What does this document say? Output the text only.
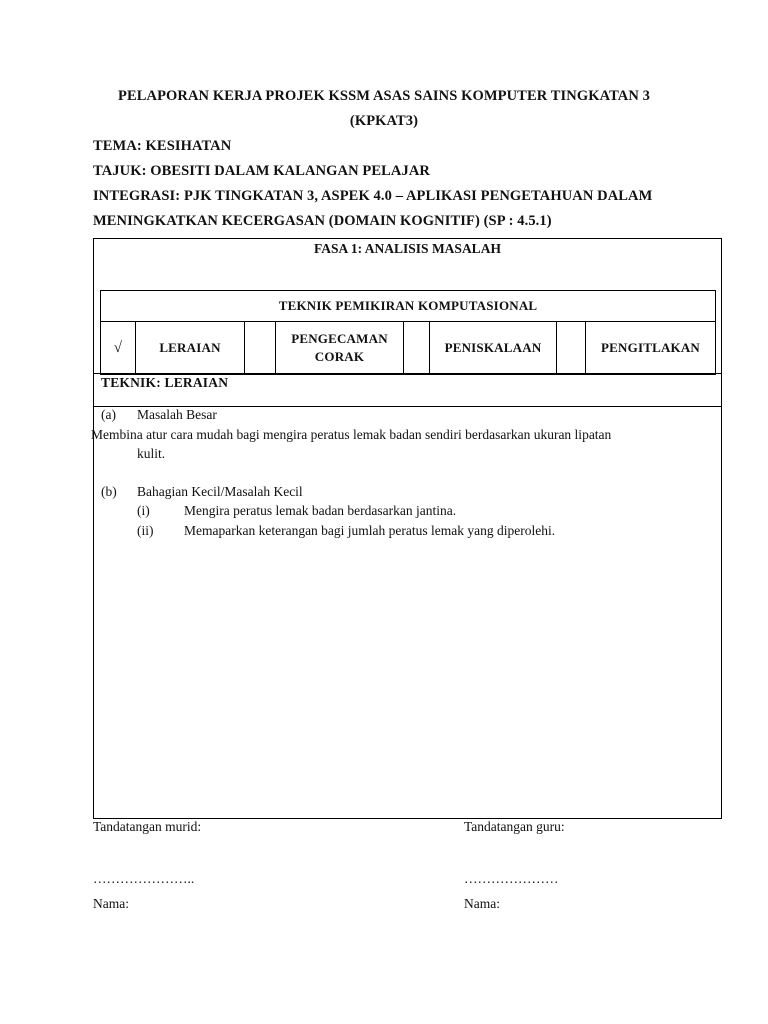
PELAPORAN KERJA PROJEK KSSM ASAS SAINS KOMPUTER TINGKATAN 3
(KPKAT3)
TEMA: KESIHATAN
TAJUK: OBESITI DALAM KALANGAN PELAJAR
INTEGRASI: PJK TINGKATAN 3, ASPEK 4.0 – APLIKASI PENGETAHUAN DALAM
MENINGKATKAN KECERGASAN (DOMAIN KOGNITIF) (SP : 4.5.1)
FASA 1: ANALISIS MASALAH
TEKNIK PEMIKIRAN KOMPUTASIONAL
√	LERAIAN		PENGECAMAN CORAK		PENISKALAAN		PENGITLAKAN
TEKNIK: LERAIAN
(a) Masalah Besar
Membina atur cara mudah bagi mengira peratus lemak badan sendiri berdasarkan ukuran lipatan
kulit.
(b) Bahagian Kecil/Masalah Kecil
(i)	Mengira peratus lemak badan berdasarkan jantina.
(ii) Memaparkan keterangan bagi jumlah peratus lemak yang diperolehi.
Tandatangan murid:	Tandatangan guru:
…………………..	…………………
Nama:	Nama:
